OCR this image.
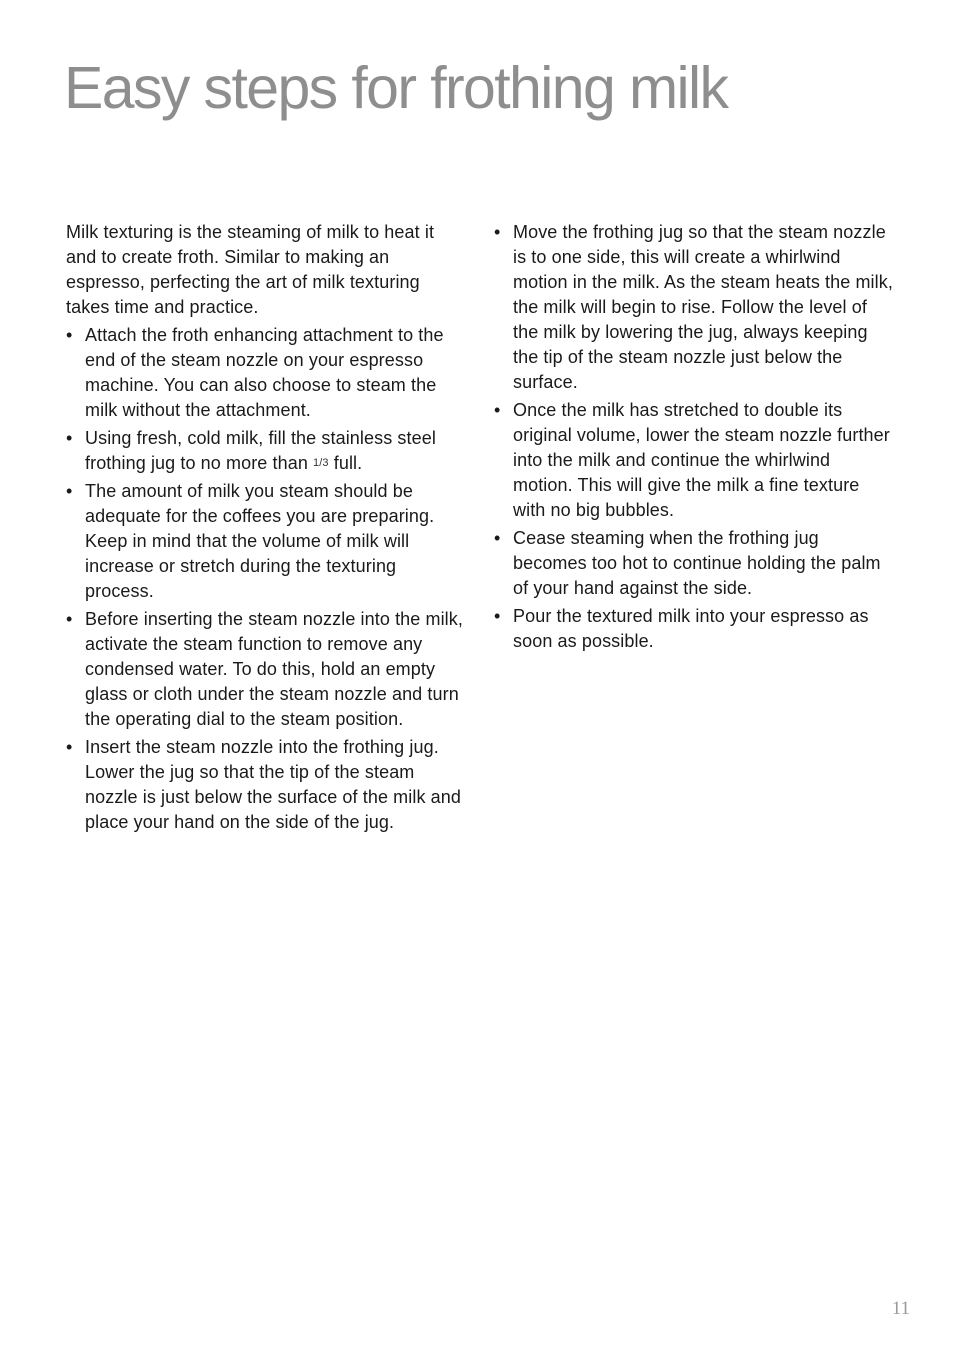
Easy steps for frothing milk

Milk texturing is the steaming of milk to heat it and to create froth. Similar to making an espresso, perfecting the art of milk texturing takes time and practice.

• Attach the froth enhancing attachment to the end of the steam nozzle on your espresso machine. You can also choose to steam the milk without the attachment.
• Using fresh, cold milk, fill the stainless steel frothing jug to no more than 1/3 full.
• The amount of milk you steam should be adequate for the coffees you are preparing. Keep in mind that the volume of milk will increase or stretch during the texturing process.
• Before inserting the steam nozzle into the milk, activate the steam function to remove any condensed water. To do this, hold an empty glass or cloth under the steam nozzle and turn the operating dial to the steam position.
• Insert the steam nozzle into the frothing jug. Lower the jug so that the tip of the steam nozzle is just below the surface of the milk and place your hand on the side of the jug.
• Move the frothing jug so that the steam nozzle is to one side, this will create a whirlwind motion in the milk. As the steam heats the milk, the milk will begin to rise. Follow the level of the milk by lowering the jug, always keeping the tip of the steam nozzle just below the surface.
• Once the milk has stretched to double its original volume, lower the steam nozzle further into the milk and continue the whirlwind motion. This will give the milk a fine texture with no big bubbles.
• Cease steaming when the frothing jug becomes too hot to continue holding the palm of your hand against the side.
• Pour the textured milk into your espresso as soon as possible.
11
